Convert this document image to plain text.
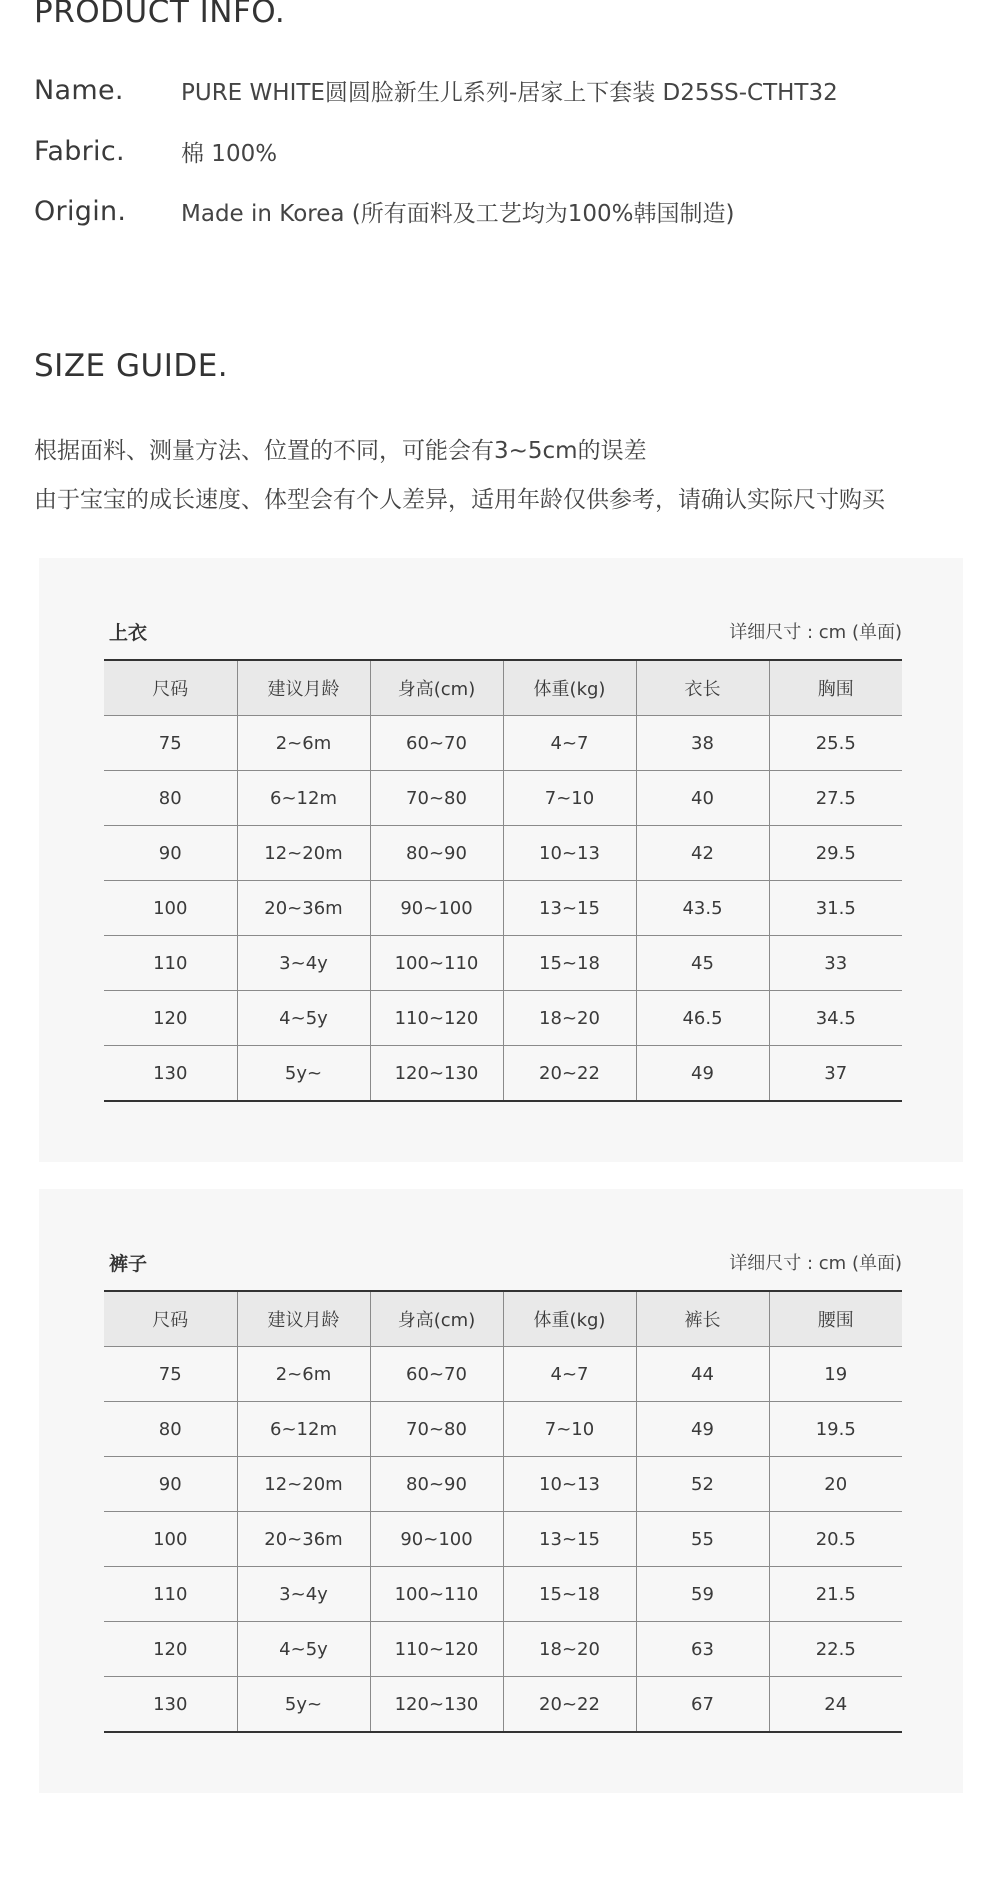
PRODUCT INFO.
Name.	PURE WHITE圆圆脸新生儿系列-居家上下套装 D25SS-CTHT32
Fabric.	棉 100%
Origin.	Made in Korea (所有面料及工艺均为100%韩国制造)
SIZE GUIDE.

根据面料、测量方法、位置的不同，可能会有3~5cm的误差

由于宝宝的成长速度、体型会有个人差异，适用年龄仅供参考，请确认实际尺寸购买

上衣	详细尺寸 : cm (单面)
尺码	建议月龄	身高(cm)	体重(kg)	衣长	胸围
75	2~6m	60~70	4~7	38	25.5
80	6~12m	70~80	7~10	40	27.5
90	12~20m	80~90	10~13	42	29.5
100	20~36m	90~100	13~15	43.5	31.5
110	3~4y	100~110	15~18	45	33
120	4~5y	110~120	18~20	46.5	34.5
130	5y~	120~130	20~22	49	37
裤子	详细尺寸 : cm (单面)
尺码	建议月龄	身高(cm)	体重(kg)	裤长	腰围
75	2~6m	60~70	4~7	44	19
80	6~12m	70~80	7~10	49	19.5
90	12~20m	80~90	10~13	52	20
100	20~36m	90~100	13~15	55	20.5
110	3~4y	100~110	15~18	59	21.5
120	4~5y	110~120	18~20	63	22.5
130	5y~	120~130	20~22	67	24
